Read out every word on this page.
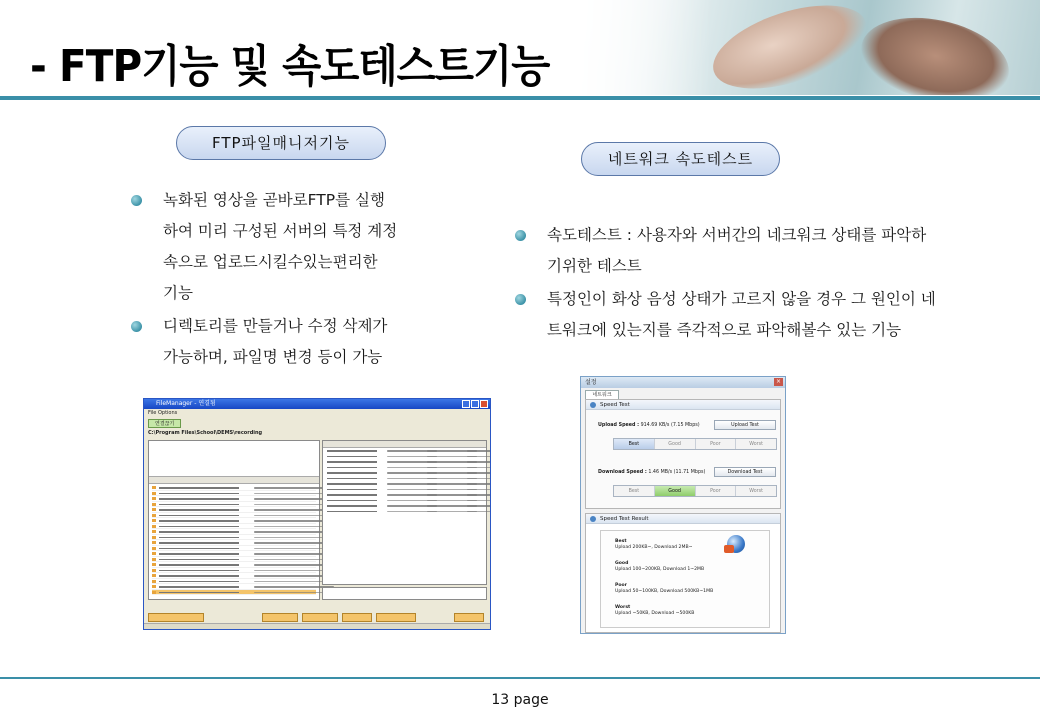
- FTP기능 및 속도테스트기능
FTP파일매니저기능
녹화된 영상을 곧바로FTP를 실행
하여 미리 구성된 서버의 특정 계정
속으로 업로드시킬수있는편리한
기능
디렉토리를 만들거나 수정 삭제가
가능하며, 파일명 변경 등이 가능
네트워크 속도테스트
속도테스트 : 사용자와 서버간의 네크워크 상태를 파악하
기위한 테스트
특정인이 화상 음성 상태가 고르지 않을 경우 그 원인이 네
트워크에 있는지를 즉각적으로 파악해볼수 있는 기능
FileManager - 연결됨
File Options
연결끊기
C:\Program Files\School\DEMS\recording
설정	×
네트워크
Speed Test
Upload Speed : 914.69 KB/s (7.15 Mbps)	Upload Test
Best	Good	Poor	Worst
Download Speed : 1.46 MB/s (11.71 Mbps)	Download Test
Best	Good	Poor	Worst
Speed Test Result
Best
Upload 200KB~, Download 2MB~
Good
Upload 100~200KB, Download 1~2MB
Poor
Upload 50~100KB, Download 500KB~1MB
Worst
Upload ~50KB, Download ~500KB
13 page
